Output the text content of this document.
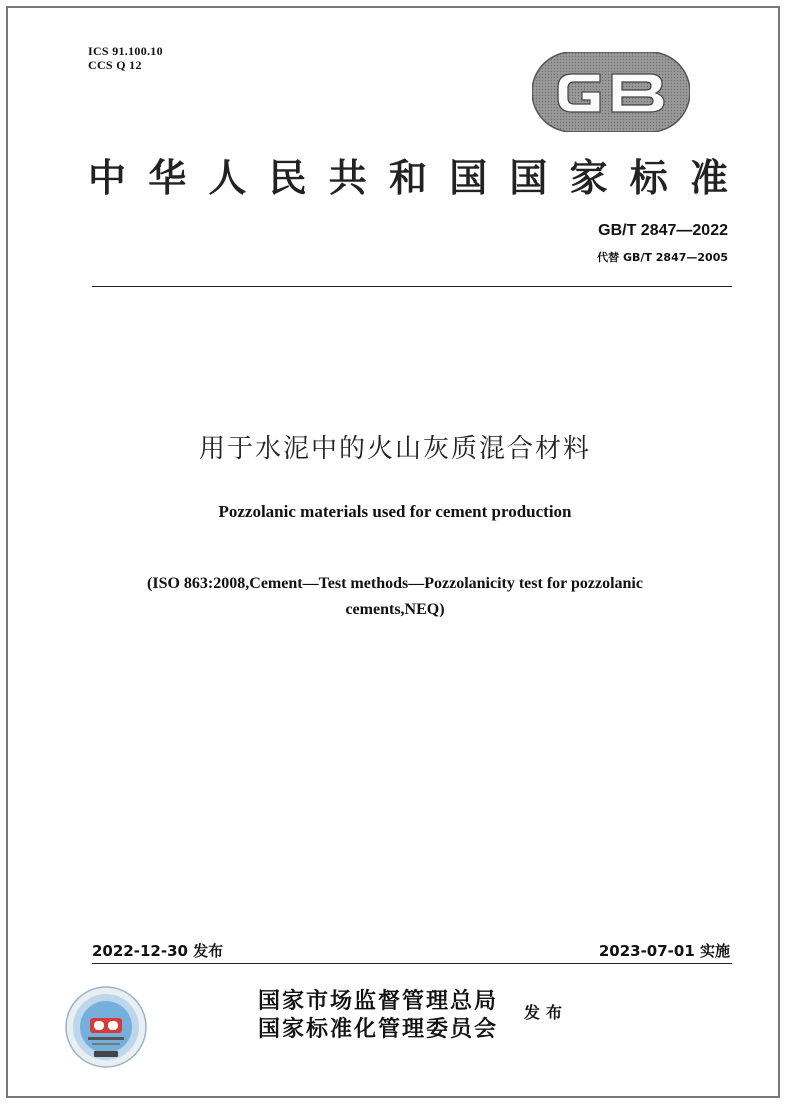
ICS 91.100.10
CCS Q 12
中华人民共和国国家标准
GB/T 2847—2022
代替 GB/T 2847—2005
用于水泥中的火山灰质混合材料
Pozzolanic materials used for cement production
(ISO 863:2008,Cement—Test methods—Pozzolanicity test for pozzolanic
cements,NEQ)
2022-12-30 发布	2023-07-01 实施
国家市场监督管理总局
国家标准化管理委员会
发布
